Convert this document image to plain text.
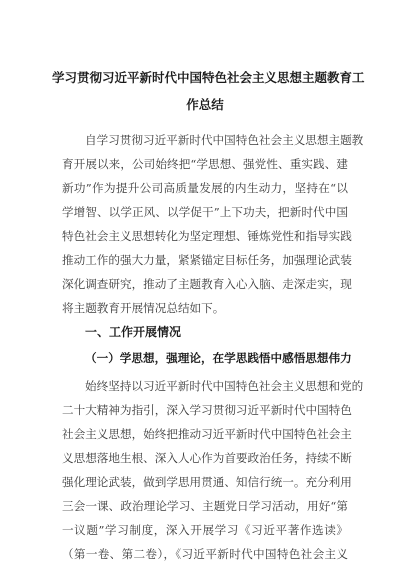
学习贯彻习近平新时代中国特色社会主义思想主题教育工
作总结

自学习贯彻习近平新时代中国特色社会主义思想主题教

育开展以来，公司始终把“学思想、强党性、重实践、建

新功”作为提升公司高质量发展的内生动力，坚持在“以

学增智、以学正风、以学促干”上下功夫，把新时代中国

特色社会主义思想转化为坚定理想、锤炼党性和指导实践

推动工作的强大力量，紧紧锚定目标任务，加强理论武装

深化调查研究，推动了主题教育入心入脑、走深走实，现

将主题教育开展情况总结如下。

一、工作开展情况
（一）学思想，强理论，在学思践悟中感悟思想伟力

始终坚持以习近平新时代中国特色社会主义思想和党的

二十大精神为指引，深入学习贯彻习近平新时代中国特色

社会主义思想，始终把推动习近平新时代中国特色社会主

义思想落地生根、深入人心作为首要政治任务，持续不断

强化理论武装，做到学思用贯通、知信行统一。充分利用

三会一课、政治理论学习、主题党日学习活动，用好“第

一议题”学习制度，深入开展学习《习近平著作选读》

（第一卷、第二卷），《习近平新时代中国特色社会主义
